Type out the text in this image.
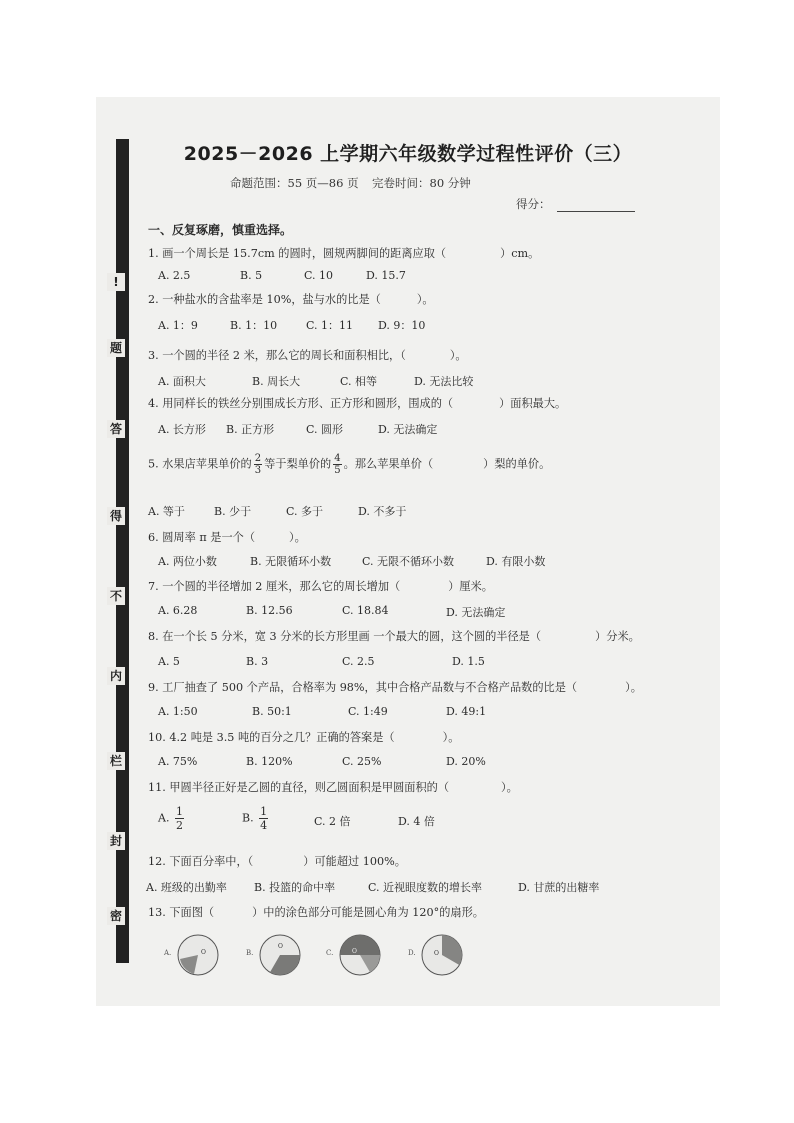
!
题
答
得
不
内
栏
封
密
2025－2026 上学期六年级数学过程性评价（三）
命题范围：55 页—86 页 完卷时间：80 分钟
得分：
一、反复琢磨，慎重选择。
1. 画一个周长是 15.7cm 的圆时，圆规两脚间的距离应取（	）cm。
A. 2.5	B. 5	C. 10	D. 15.7
2. 一种盐水的含盐率是 10%，盐与水的比是（	）。
A. 1：9	B. 1：10	C. 1：11 D. 9：10
3. 一个圆的半径 2 米，那么它的周长和面积相比，（	）。
A. 面积大	B. 周长大	C. 相等	D. 无法比较
4. 用同样长的铁丝分别围成长方形、正方形和圆形，围成的（	）面积最大。
A. 长方形 B. 正方形	C. 圆形	D. 无法确定
5. 水果店苹果单价的 $\frac{2}{3}$ 等于梨单价的 $\frac{4}{5}$ 。那么苹果单价（	）梨的单价。
A. 等于	B. 少于	C. 多于	D. 不多于
6. 圆周率 π 是一个（	）。
A. 两位小数	B. 无限循环小数	C. 无限不循环小数	D. 有限小数
7. 一个圆的半径增加 2 厘米，那么它的周长增加（	）厘米。
A. 6.28	B. 12.56	C. 18.84	D. 无法确定
8. 在一个长 5 分米，宽 3 分米的长方形里画 一个最大的圆，这个圆的半径是（	）分米。
A. 5	B. 3	C. 2.5	D. 1.5
9. 工厂抽查了 500 个产品，合格率为 98%，其中合格产品数与不合格产品数的比是（	）。
A. 1:50	B. 50:1	C. 1:49	D. 49:1
10. 4.2 吨是 3.5 吨的百分之几？正确的答案是（	）。
A. 75%	B. 120%	C. 25%	D. 20%
11. 甲圆半径正好是乙圆的直径，则乙圆面积是甲圆面积的（	）。
A. $\frac{1}{2}$	B. $\frac{1}{4}$	C. 2 倍	D. 4 倍
12. 下面百分率中，（	）可能超过 100%。
A. 班级的出勤率 B. 投篮的命中率	C. 近视眼度数的增长率	D. 甘蔗的出糖率
13. 下面图（	）中的涂色部分可能是圆心角为 120°的扇形。
A.	O	B.
O
C.	O	D.	O
